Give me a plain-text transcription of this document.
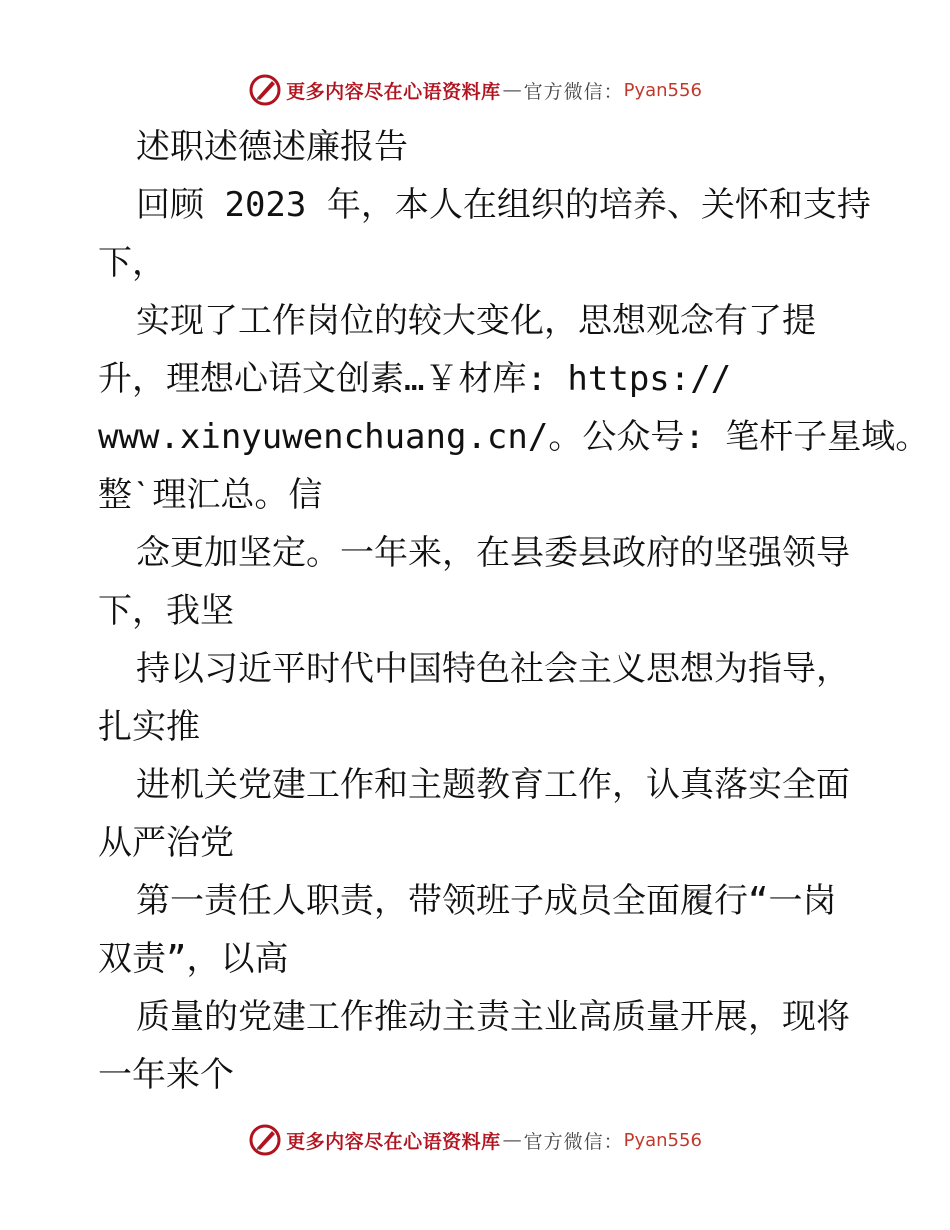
更多内容尽在心语资料库 — 官方微信： Pyan556
述职述德述廉报告
回顾 2023 年，本人在组织的培养、关怀和支持
下，
实现了工作岗位的较大变化，思想观念有了提
升，理想心语文创素…￥材库: https://
www.xinyuwenchuang.cn/。公众号: 笔杆子星域。
整ˋ理汇总。信
念更加坚定。一年来，在县委县政府的坚强领导
下，我坚
持以习近平时代中国特色社会主义思想为指导，
扎实推
进机关党建工作和主题教育工作，认真落实全面
从严治党
第一责任人职责，带领班子成员全面履行“一岗
双责”，以高
质量的党建工作推动主责主业高质量开展，现将
一年来个
更多内容尽在心语资料库 — 官方微信： Pyan556
